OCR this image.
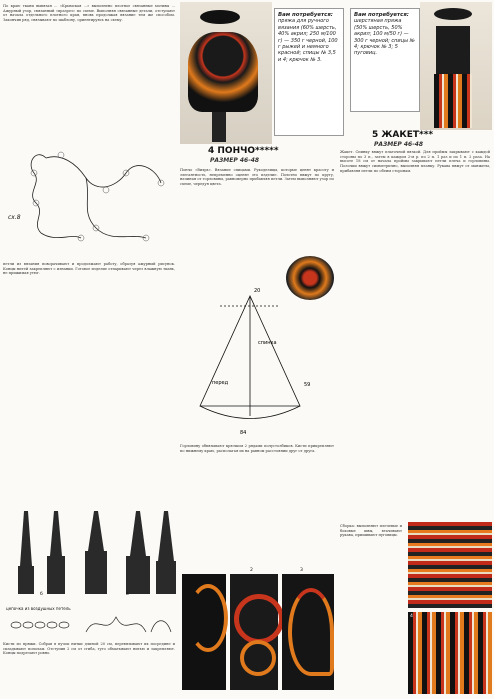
По краю ткани вывязан ... «Крымская ...» выполнено плотное связанные мотивы ... Ажурный узор, связанный «вразрез» по схеме. Выполняя связанные детали, отступают от начала отдельного плотного края, вновь продолжая вязание тем же способом. Закончив ряд, связывают по шаблону, ориентируясь на схему.

сх.8

петли из вязания поворачивают и продолжают работу, образуя ажурный рисунок. Концы нитей закрепляют с изнанки. Готовое изделие отпаривают через влажную ткань, не прижимая утюг.

б	в
цепочка из воздушных петель

Кисти из пряжи. Собрав в пучок нитки длиной 20 см, перевязывают их посредине и складывают пополам. Отступив 2 см от сгиба, туго обматывают нитью и закрепляют. Концы подрезают ровно.

Вам потребуется:

пряжа для ручного вязания (60% шерсть, 40% акрил; 250 м/100 г) — 350 г черной, 100 г рыжей и немного красной; спицы № 3,5 и 4; крючок № 3.

Вам потребуется:

шерстяная пряжа (50% шерсть, 50% акрил; 100 м/50 г) — 300 г черной; спицы № 4; крючок № 3; 5 пуговиц.

4 ПОНЧО*****
РАЗМЕР 46-48
5 ЖАКЕТ***
РАЗМЕР 46-48

Пончо «Вихрь». Вязание спицами. Рукоделицы, которые ценят красоту и элегантность, непременно оценят это изделие. Полотно вяжут по кругу, начиная от горловины, равномерно прибавляя петли. Затем выполняют узор по схеме, чередуя цвета.

спинка
перед
84
59
20

Горловину обвязывают крючком 2 рядами полустолбиков. Кисти прикрепляют по нижнему краю, располагая их на равном расстоянии друг от друга.

2	3

Жакет. Спинку вяжут платочной вязкой. Для проймы закрывают с каждой стороны по 3 п., затем в каждом 2-м р. по 2 п. 1 раз и по 1 п. 2 раза. На высоте 18 см от начала проймы закрывают петли плеча и горловины. Полочки вяжут симметрично, выполняя планку. Рукава вяжут от манжеты, прибавляя петли по обеим сторонам.

Сборка: выполняют плечевые и боковые швы, втачивают рукава, пришивают пуговицы.

4
